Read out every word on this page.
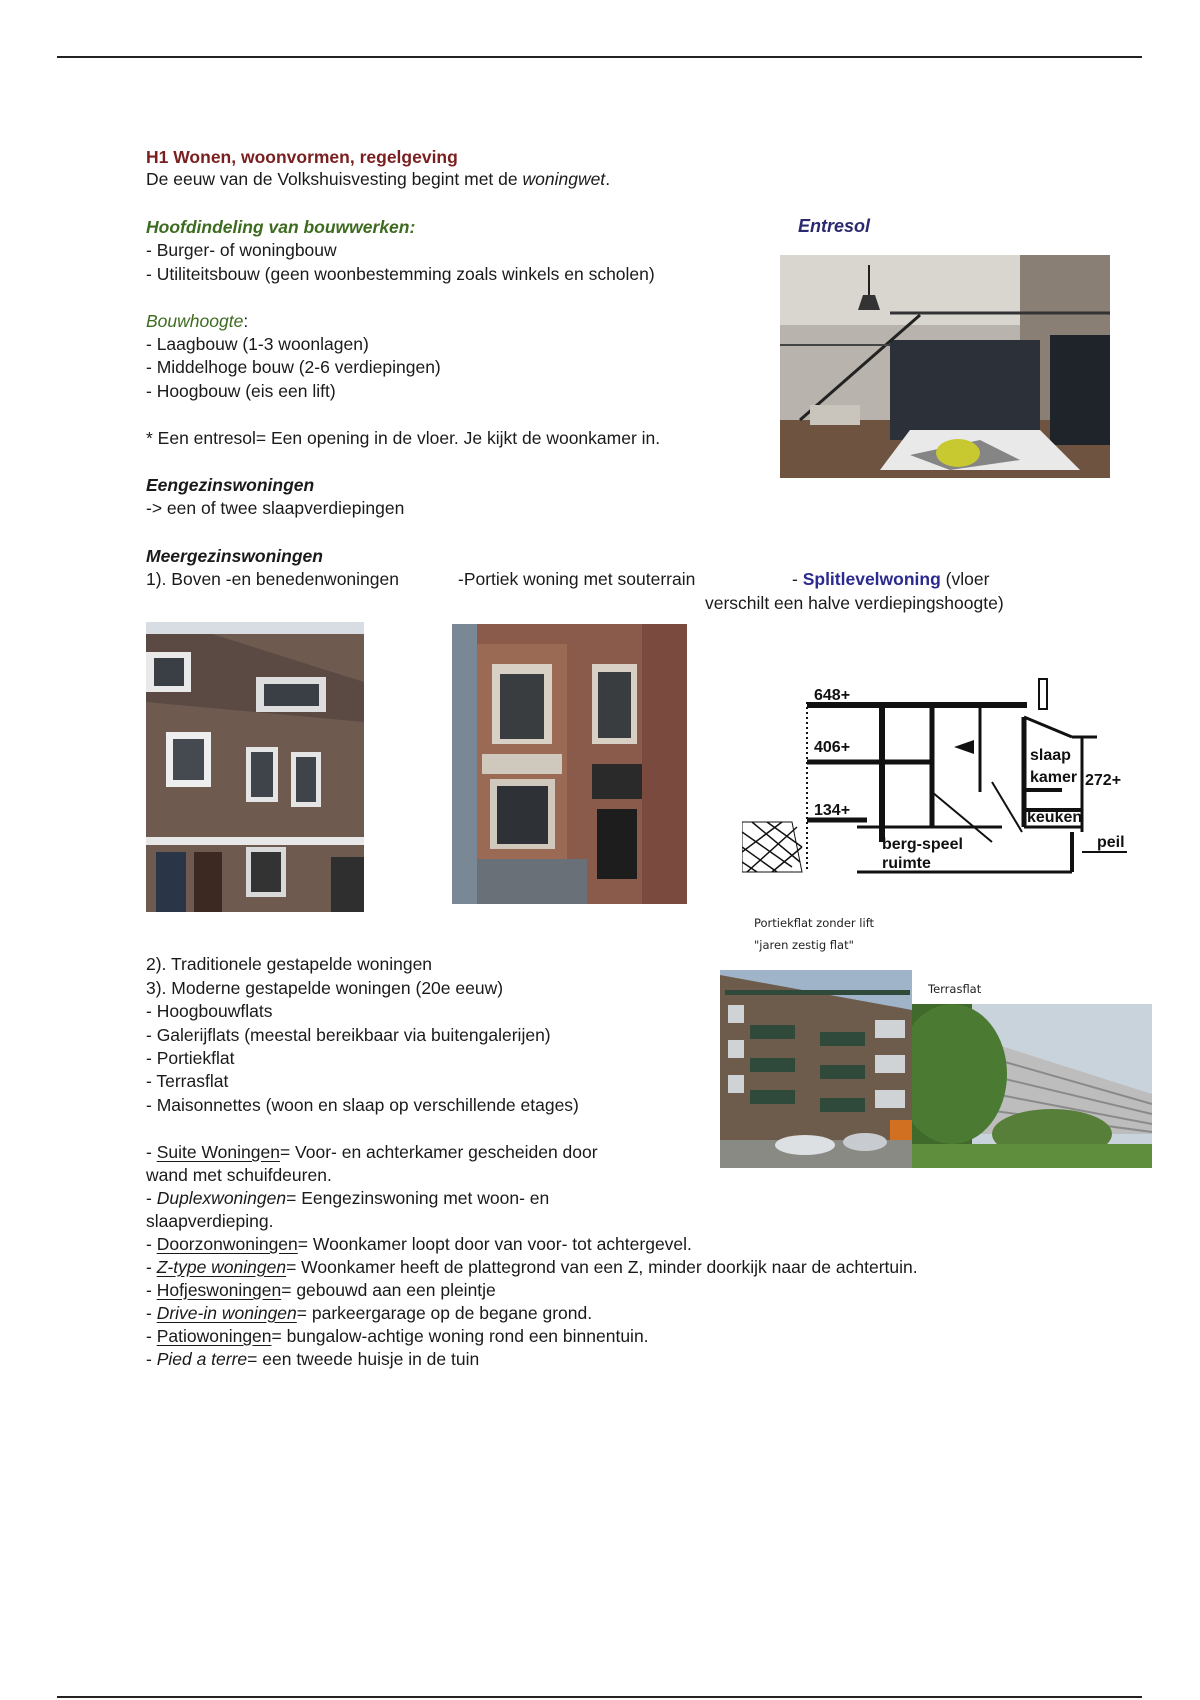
H1 Wonen, woonvormen, regelgeving
De eeuw van de Volkshuisvesting begint met de woningwet.
Hoofdindeling van bouwwerken:
- Burger- of woningbouw
- Utiliteitsbouw (geen woonbestemming zoals winkels en scholen)
Bouwhoogte:
- Laagbouw (1-3 woonlagen)
- Middelhoge bouw (2-6 verdiepingen)
- Hoogbouw (eis een lift)
* Een entresol= Een opening in de vloer. Je kijkt de woonkamer in.
Entresol
Eengezinswoningen
-> een of twee slaapverdiepingen
Meergezinswoningen
1). Boven -en benedenwoningen	-Portiek woning met souterrain	- Splitlevelwoning (vloer
verschilt een halve verdiepingshoogte)
648+
406+
134+
slaap
kamer 272+
keuken
berg-speel
ruimte
peil
Portiekflat zonder lift
"jaren zestig flat"
Terrasflat
2). Traditionele gestapelde woningen
3). Moderne gestapelde woningen (20e eeuw)
- Hoogbouwflats
- Galerijflats (meestal bereikbaar via buitengalerijen)
- Portiekflat
- Terrasflat
- Maisonnettes (woon en slaap op verschillende etages)
- Suite Woningen= Voor- en achterkamer gescheiden door
wand met schuifdeuren.
- Duplexwoningen= Eengezinswoning met woon- en
slaapverdieping.
- Doorzonwoningen= Woonkamer loopt door van voor- tot achtergevel.
- Z-type woningen= Woonkamer heeft de plattegrond van een Z, minder doorkijk naar de achtertuin.
- Hofjeswoningen= gebouwd aan een pleintje
- Drive-in woningen= parkeergarage op de begane grond.
- Patiowoningen= bungalow-achtige woning rond een binnentuin.
- Pied a terre= een tweede huisje in de tuin
